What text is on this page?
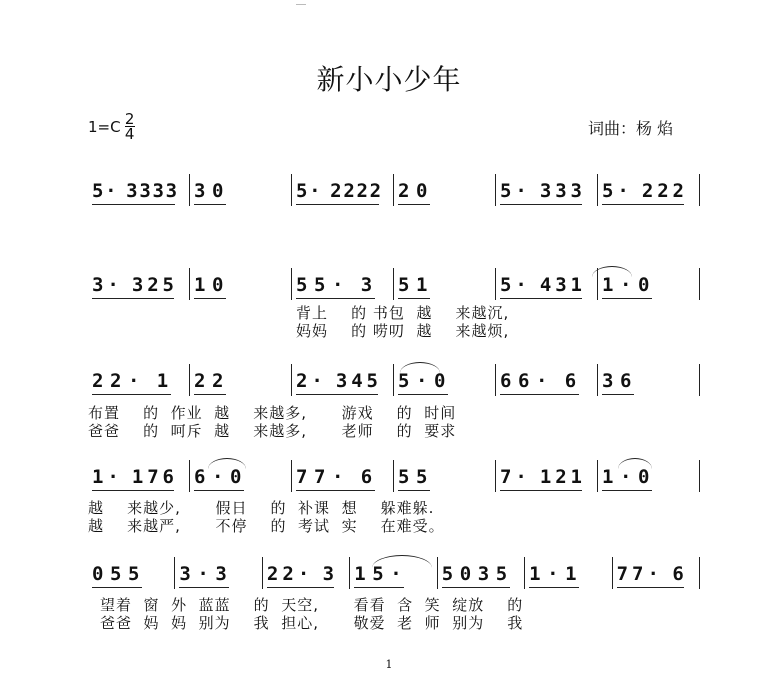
新小小少年
$1=C \frac{2}{4}$	词曲：杨 焰
5 · 3 3 3 3 3 0	5 · 2 2 2 2 2 0	5 · 3 3 3 5 · 2 2 2
3 · 3 2 5 1 0	5 5 · 3 5 1	5 · 4 3 1 1 · 0
背上    的 书包  越    来越沉,
妈妈    的 唠叨  越    来越烦,
2 2 · 1 2 2	2 · 3 4 5 5 · 0	6 6 · 6 3 6
布置    的  作业  越    来越多,      游戏    的  时间
爸爸    的  呵斥  越    来越多,      老师    的  要求
1 · 1 7 6 6 · 0	7 7 · 6 5 5	7 · 1 2 1 1 · 0
越    来越少,      假日    的  补课  想    躲难躲.
越    来越严,      不停    的  考试  实    在难受。
0 5 5 3 · 3 2 2 · 3 1 5 · 5 0 3 5 1 · 1 7 7 · 6
望着  窗  外  蓝蓝    的  天空,      看看  含  笑  绽放    的
爸爸  妈  妈  别为    我  担心,      敬爱  老  师  别为    我
1
